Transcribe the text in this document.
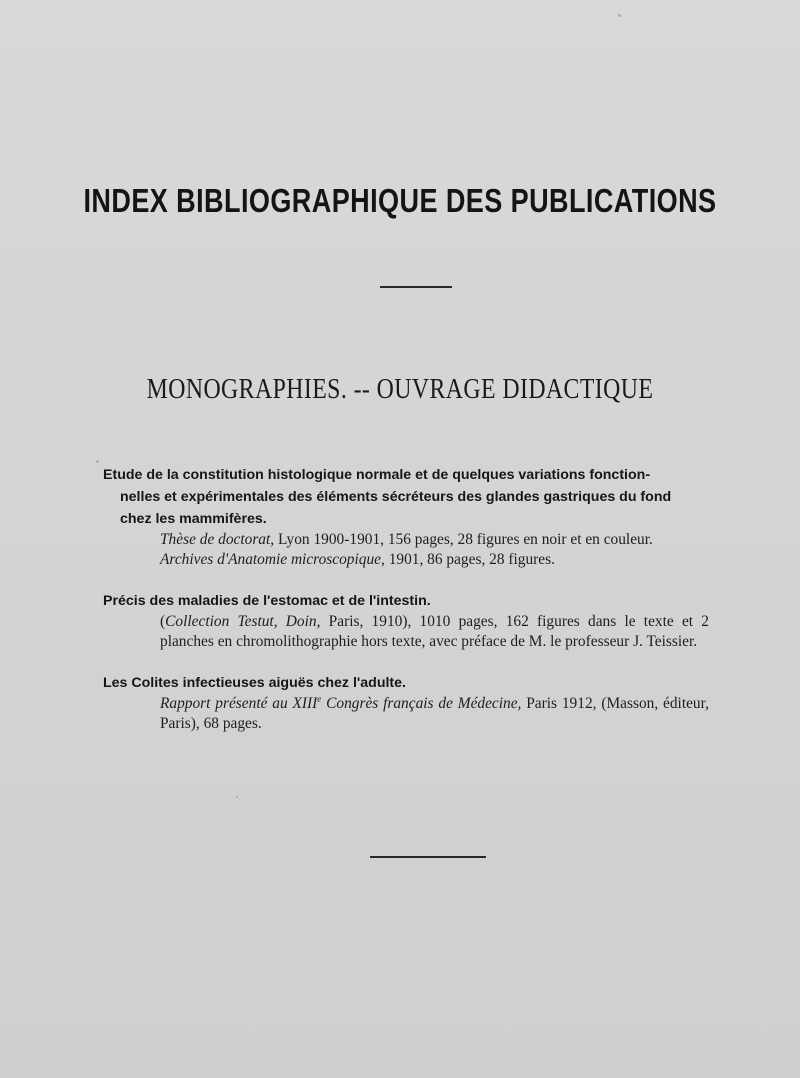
INDEX BIBLIOGRAPHIQUE DES PUBLICATIONS
MONOGRAPHIES. -- OUVRAGE DIDACTIQUE
Etude de la constitution histologique normale et de quelques variations fonction-
nelles et expérimentales des éléments sécréteurs des glandes gastriques du fond
chez les mammifères.
Thèse de doctorat, Lyon 1900-1901, 156 pages, 28 figures en noir et en couleur.
Archives d'Anatomie microscopique, 1901, 86 pages, 28 figures.
Précis des maladies de l'estomac et de l'intestin.
(Collection Testut, Doin, Paris, 1910), 1010 pages, 162 figures dans le texte et 2 planches en chromolithographie hors texte, avec préface de M. le professeur J. Teissier.
Les Colites infectieuses aiguës chez l'adulte.
Rapport présenté au XIIIe Congrès français de Médecine, Paris 1912, (Masson, éditeur, Paris), 68 pages.
